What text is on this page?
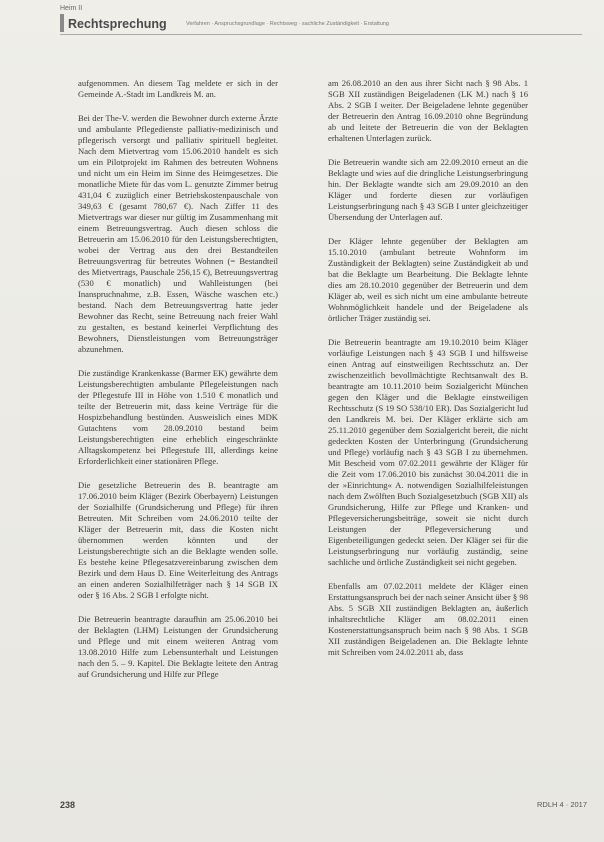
Heim II
Rechtsprechung	Verfahren · Anspruchsgrundlage · Rechtsweg · sachliche Zuständigkeit · Erstattung

aufgenommen. An diesem Tag meldete er sich in der Gemeinde A.-Stadt im Landkreis M. an.

Bei der The-V. werden die Bewohner durch externe Ärzte und ambulante Pflegedienste palliativ-medizinisch und pflegerisch versorgt und palliativ spirituell begleitet. Nach dem Mietvertrag vom 15.06.2010 handelt es sich um ein Pilotprojekt im Rahmen des betreuten Wohnens und nicht um ein Heim im Sinne des Heimgesetzes. Die monatliche Miete für das vom L. genutzte Zimmer betrug 431,04 € zuzüglich einer Betriebskostenpauschale von 349,63 € (gesamt 780,67 €). Nach Ziffer 11 des Mietvertrags war dieser nur gültig im Zusammenhang mit einem Betreuungsvertrag. Auch diesen schloss die Betreuerin am 15.06.2010 für den Leistungsberechtigten, wobei der Vertrag aus den drei Bestandteilen Betreuungsvertrag für betreutes Wohnen (= Bestandteil des Mietvertrags, Pauschale 256,15 €), Betreuungsvertrag (530 € monatlich) und Wahlleistungen (bei Inanspruchnahme, z.B. Essen, Wäsche waschen etc.) bestand. Nach dem Betreuungsvertrag hatte jeder Bewohner das Recht, seine Betreuung nach freier Wahl zu gestalten, es bestand keinerlei Verpflichtung des Bewohners, Dienstleistungen vom Betreuungsträger abzunehmen.

Die zuständige Krankenkasse (Barmer EK) gewährte dem Leistungsberechtigten ambulante Pflegeleistungen nach der Pflegestufe III in Höhe von 1.510 € monatlich und teilte der Betreuerin mit, dass keine Verträge für die Hospizbehandlung bestünden. Ausweislich eines MDK Gutachtens vom 28.09.2010 bestand beim Leistungsberechtigten eine erheblich eingeschränkte Alltagskompetenz bei Pflegestufe III, allerdings keine Erforderlichkeit einer stationären Pflege.

Die gesetzliche Betreuerin des B. beantragte am 17.06.2010 beim Kläger (Bezirk Oberbayern) Leistungen der Sozialhilfe (Grundsicherung und Pflege) für ihren Betreuten. Mit Schreiben vom 24.06.2010 teilte der Kläger der Betreuerin mit, dass die Kosten nicht übernommen werden könnten und der Leistungsberechtigte sich an die Beklagte wenden solle. Es bestehe keine Pflegesatzvereinbarung zwischen dem Bezirk und dem Haus D. Eine Weiterleitung des Antrags an einen anderen Sozialhilfeträger nach § 14 SGB IX oder § 16 Abs. 2 SGB I erfolgte nicht.

Die Betreuerin beantragte daraufhin am 25.06.2010 bei der Beklagten (LHM) Leistungen der Grundsicherung und Pflege und mit einem weiteren Antrag vom 13.08.2010 Hilfe zum Lebensunterhalt und Leistungen nach den 5. – 9. Kapitel. Die Beklagte leitete den Antrag auf Grundsicherung und Hilfe zur Pflege

am 26.08.2010 an den aus ihrer Sicht nach § 98 Abs. 1 SGB XII zuständigen Beigeladenen (LK M.) nach § 16 Abs. 2 SGB I weiter. Der Beigeladene lehnte gegenüber der Betreuerin den Antrag 16.09.2010 ohne Begründung ab und leitete der Betreuerin die von der Beklagten erhaltenen Unterlagen zurück.

Die Betreuerin wandte sich am 22.09.2010 erneut an die Beklagte und wies auf die dringliche Leistungserbringung hin. Der Beklagte wandte sich am 29.09.2010 an den Kläger und forderte diesen zur vorläufigen Leistungserbringung nach § 43 SGB I unter gleichzeitiger Übersendung der Unterlagen auf.

Der Kläger lehnte gegenüber der Beklagten am 15.10.2010 (ambulant betreute Wohnform im Zuständigkeit der Beklagten) seine Zuständigkeit ab und bat die Beklagte um Bearbeitung. Die Beklagte lehnte dies am 28.10.2010 gegenüber der Betreuerin und dem Kläger ab, weil es sich nicht um eine ambulante betreute Wohnmöglichkeit handele und der Beigeladene als örtlicher Träger zuständig sei.

Die Betreuerin beantragte am 19.10.2010 beim Kläger vorläufige Leistungen nach § 43 SGB I und hilfsweise einen Antrag auf einstweiligen Rechtsschutz an. Der zwischenzeitlich bevollmächtigte Rechtsanwalt des B. beantragte am 10.11.2010 beim Sozialgericht München gegen den Kläger und die Beklagte einstweiligen Rechtsschutz (S 19 SO 538/10 ER). Das Sozialgericht lud den Landkreis M. bei. Der Kläger erklärte sich am 25.11.2010 gegenüber dem Sozialgericht bereit, die nicht gedeckten Kosten der Unterbringung (Grundsicherung und Pflege) vorläufig nach § 43 SGB I zu übernehmen. Mit Bescheid vom 07.02.2011 gewährte der Kläger für die Zeit vom 17.06.2010 bis zunächst 30.04.2011 die in der »Einrichtung« A. notwendigen Sozialhilfeleistungen nach dem Zwölften Buch Sozialgesetzbuch (SGB XII) als Grundsicherung, Hilfe zur Pflege und Kranken- und Pflegeversicherungsbeiträge, soweit sie nicht durch Leistungen der Pflegeversicherung und Eigenbeteiligungen gedeckt seien. Der Kläger sei für die Leistungserbringung nur vorläufig zuständig, seine sachliche und örtliche Zuständigkeit sei nicht gegeben.

Ebenfalls am 07.02.2011 meldete der Kläger einen Erstattungsanspruch bei der nach seiner Ansicht über § 98 Abs. 5 SGB XII zuständigen Beklagten an, äußerlich inhaltsrechtliche Kläger am 08.02.2011 einen Kostenerstattungsanspruch beim nach § 98 Abs. 1 SGB XII zuständigen Beigeladenen an. Die Beklagte lehnte mit Schreiben vom 24.02.2011 ab, dass

238	RDLH 4 · 2017
